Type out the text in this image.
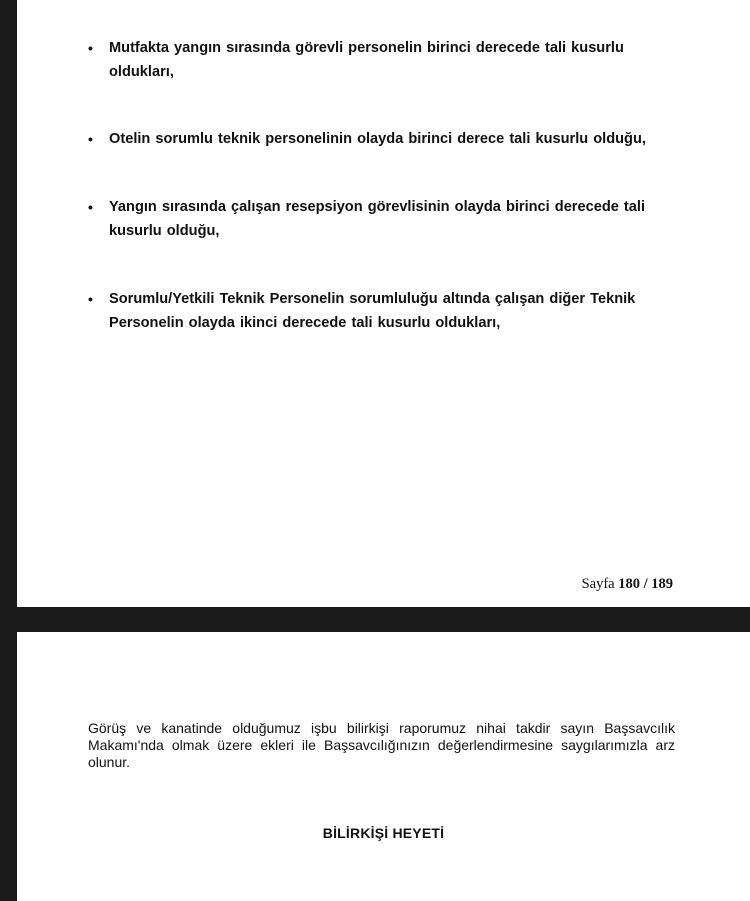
•	Mutfakta yangın sırasında görevli personelin birinci derecede tali kusurlu oldukları,
•	Otelin sorumlu teknik personelinin olayda birinci derece tali kusurlu olduğu,
•	Yangın sırasında çalışan resepsiyon görevlisinin olayda birinci derecede tali kusurlu olduğu,
•	Sorumlu/Yetkili Teknik Personelin sorumluluğu altında çalışan diğer Teknik Personelin olayda ikinci derecede tali kusurlu oldukları,
Sayfa 180 / 189
Görüş ve kanatinde olduğumuz işbu bilirkişi raporumuz nihai takdir sayın Başsavcılık Makamı'nda olmak üzere ekleri ile Başsavcılığınızın değerlendirmesine saygılarımızla arz olunur.
BİLİRKİŞİ HEYETİ
